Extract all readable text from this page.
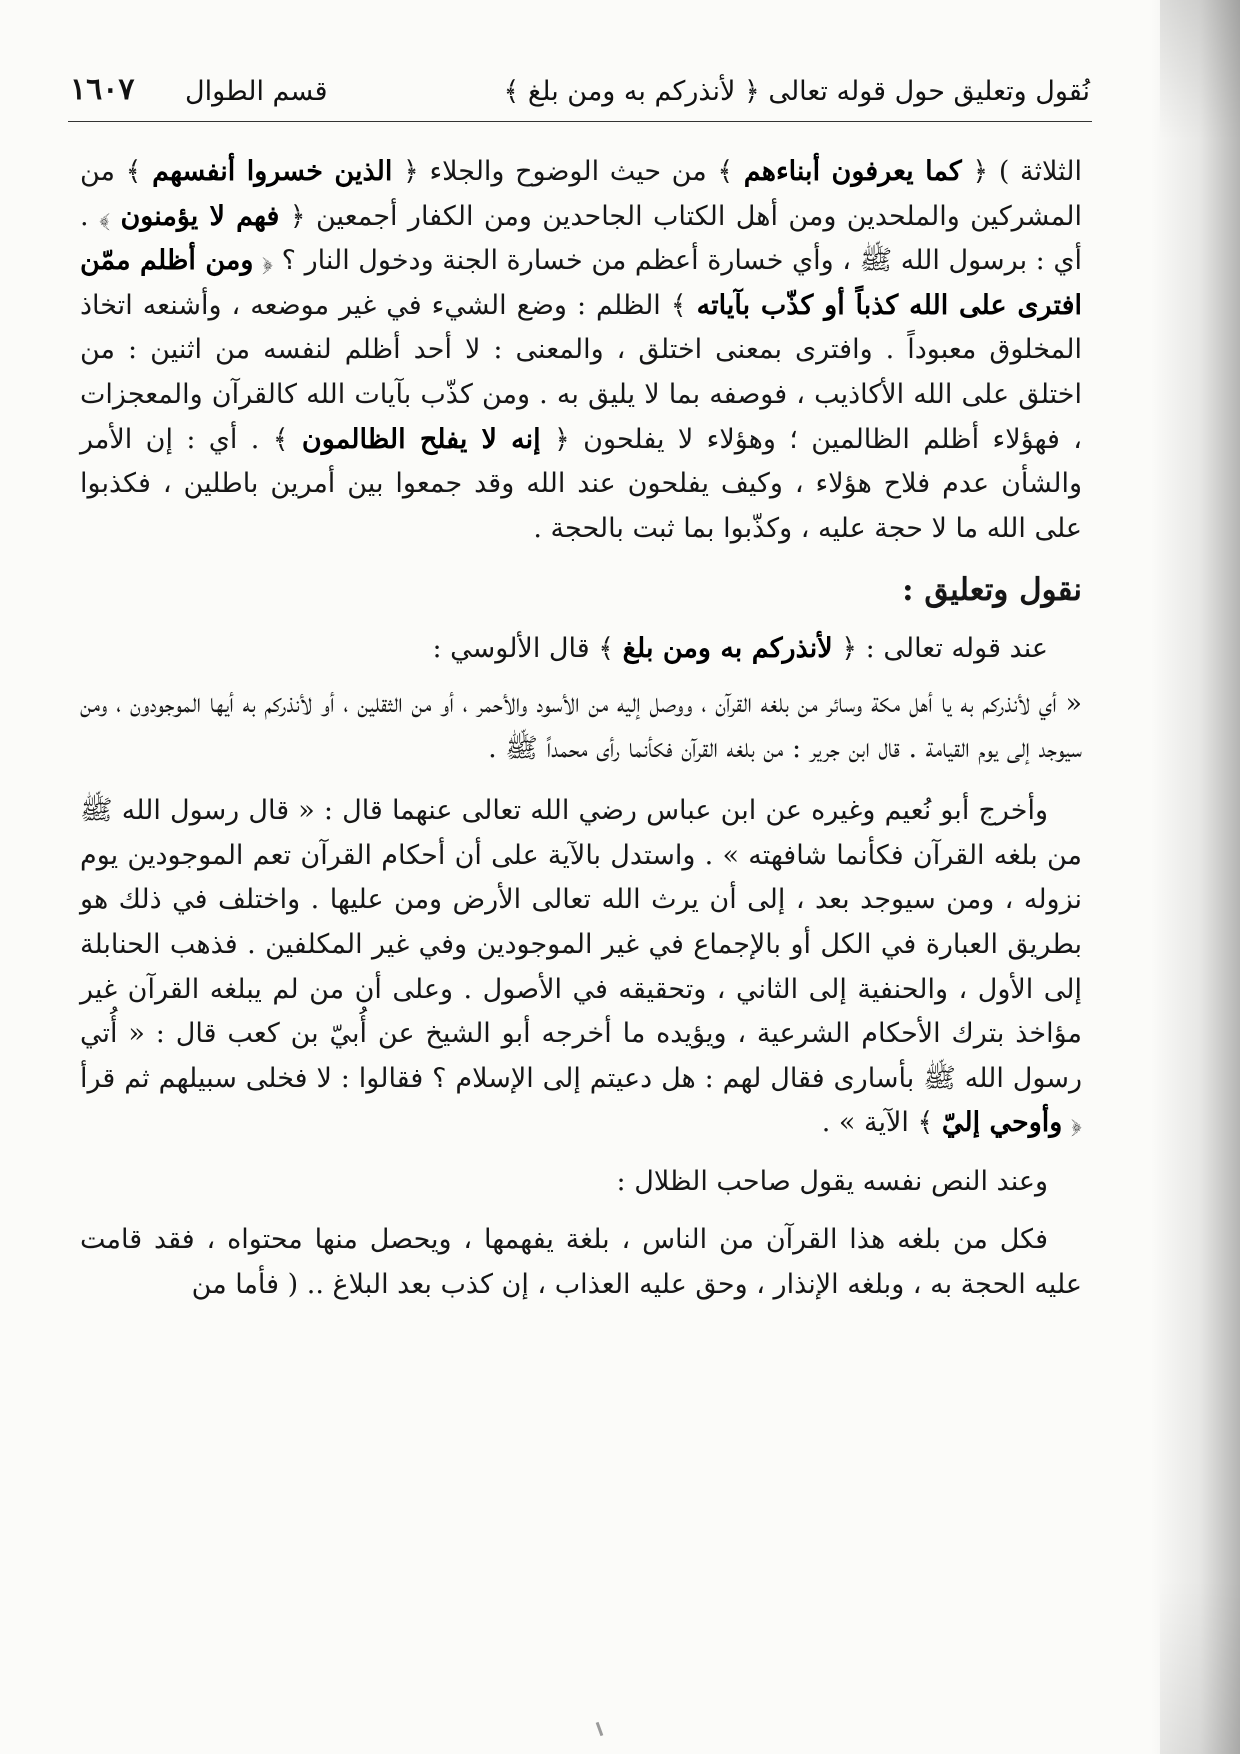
نُقول وتعليق حول قوله تعالى ﴿ لأنذركم به ومن بلغ ﴾
قسم الطوال
١٦٠٧

الثلاثة ) ﴿ كما يعرفون أبناءهم ﴾ من حيث الوضوح والجلاء ﴿ الذين خسروا أنفسهم ﴾ من المشركين والملحدين ومن أهل الكتاب الجاحدين ومن الكفار أجمعين ﴿ فهم لا يؤمنون ﴾ . أي : برسول الله ﷺ ، وأي خسارة أعظم من خسارة الجنة ودخول النار ؟ ﴿ ومن أظلم ممّن افترى على الله كذباً أو كذّب بآياته ﴾ الظلم : وضع الشيء في غير موضعه ، وأشنعه اتخاذ المخلوق معبوداً . وافترى بمعنى اختلق ، والمعنى : لا أحد أظلم لنفسه من اثنين : من اختلق على الله الأكاذيب ، فوصفه بما لا يليق به . ومن كذّب بآيات الله كالقرآن والمعجزات ، فهؤلاء أظلم الظالمين ؛ وهؤلاء لا يفلحون ﴿ إنه لا يفلح الظالمون ﴾ . أي : إن الأمر والشأن عدم فلاح هؤلاء ، وكيف يفلحون عند الله وقد جمعوا بين أمرين باطلين ، فكذبوا على الله ما لا حجة عليه ، وكذّبوا بما ثبت بالحجة .

نقول وتعليق :

عند قوله تعالى : ﴿ لأنذركم به ومن بلغ ﴾ قال الألوسي :

« أي لأنذركم به يا أهل مكة وسائر من بلغه القرآن ، ووصل إليه من الأسود والأحمر ، أو من الثقلين ، أو لأنذركم به أيها الموجودون ، ومن سيوجد إلى يوم القيامة . قال ابن جرير : من بلغه القرآن فكأنما رأى محمداً ﷺ .

وأخرج أبو نُعيم وغيره عن ابن عباس رضي الله تعالى عنهما قال : « قال رسول الله ﷺ من بلغه القرآن فكأنما شافهته » . واستدل بالآية على أن أحكام القرآن تعم الموجودين يوم نزوله ، ومن سيوجد بعد ، إلى أن يرث الله تعالى الأرض ومن عليها . واختلف في ذلك هو بطريق العبارة في الكل أو بالإجماع في غير الموجودين وفي غير المكلفين . فذهب الحنابلة إلى الأول ، والحنفية إلى الثاني ، وتحقيقه في الأصول . وعلى أن من لم يبلغه القرآن غير مؤاخذ بترك الأحكام الشرعية ، ويؤيده ما أخرجه أبو الشيخ عن أُبيّ بن كعب قال : « أُتي رسول الله ﷺ بأسارى فقال لهم : هل دعيتم إلى الإسلام ؟ فقالوا : لا فخلى سبيلهم ثم قرأ ﴿ وأوحي إليّ ﴾ الآية » .

وعند النص نفسه يقول صاحب الظلال :

فكل من بلغه هذا القرآن من الناس ، بلغة يفهمها ، ويحصل منها محتواه ، فقد قامت عليه الحجة به ، وبلغه الإنذار ، وحق عليه العذاب ، إن كذب بعد البلاغ .. ( فأما من
